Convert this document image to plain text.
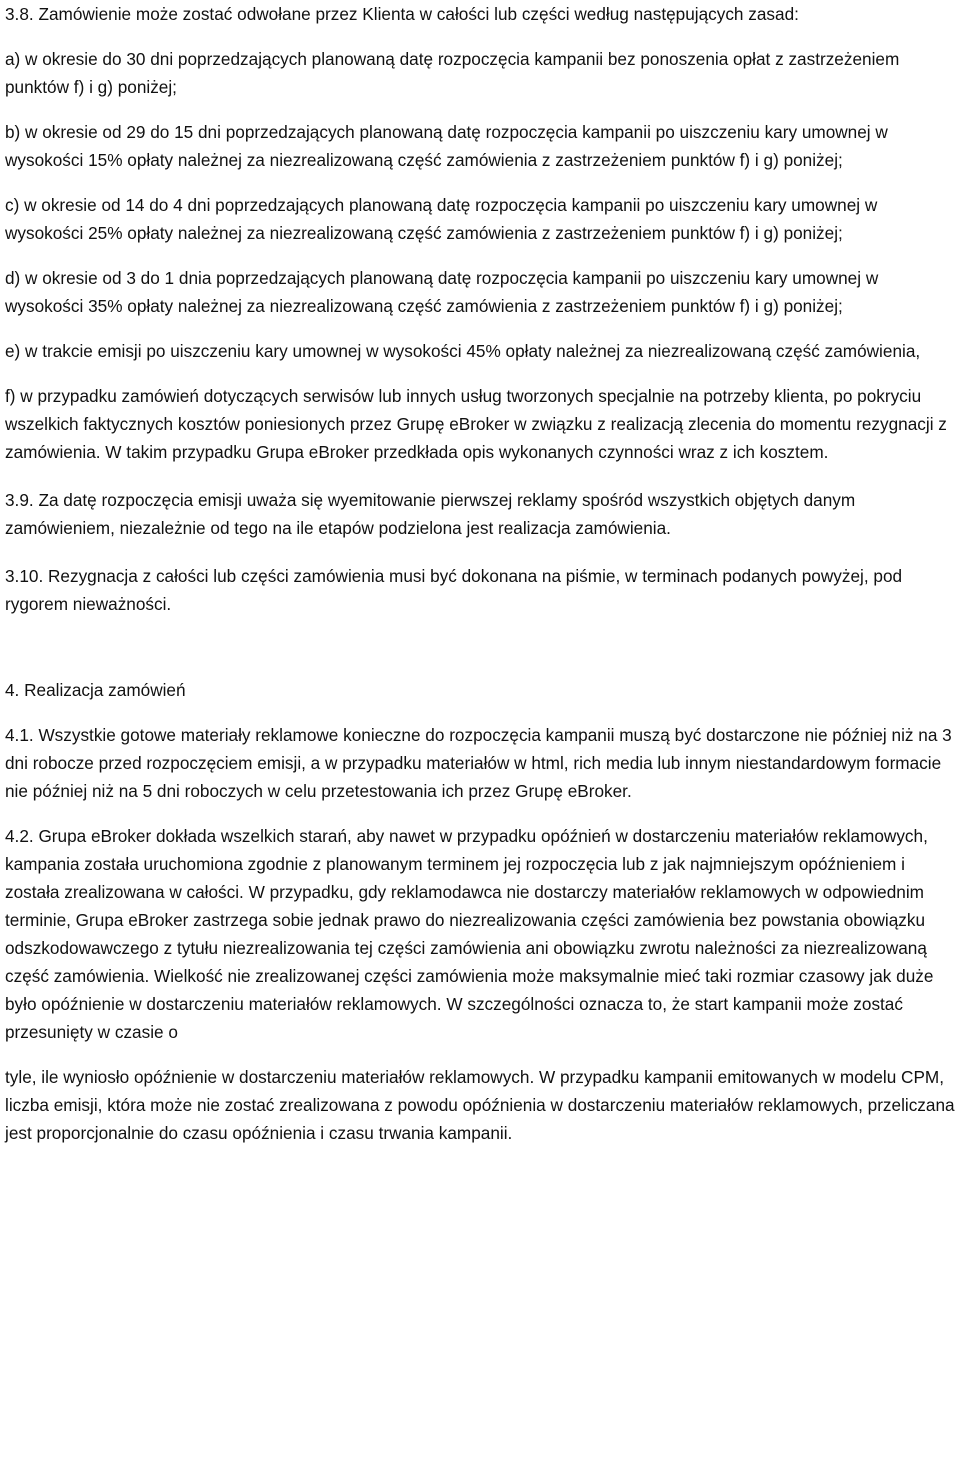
3.8. Zamówienie może zostać odwołane przez Klienta w całości lub części według następujących zasad:

a) w okresie do 30 dni poprzedzających planowaną datę rozpoczęcia kampanii bez ponoszenia opłat z zastrzeżeniem punktów f) i g) poniżej;

b) w okresie od 29 do 15 dni poprzedzających planowaną datę rozpoczęcia kampanii po uiszczeniu kary umownej w wysokości 15% opłaty należnej za niezrealizowaną część zamówienia z zastrzeżeniem punktów f) i g) poniżej;

c) w okresie od 14 do 4 dni poprzedzających planowaną datę rozpoczęcia kampanii po uiszczeniu kary umownej w wysokości 25% opłaty należnej za niezrealizowaną część zamówienia z zastrzeżeniem punktów f) i g) poniżej;

d) w okresie od 3 do 1 dnia poprzedzających planowaną datę rozpoczęcia kampanii po uiszczeniu kary umownej w wysokości 35% opłaty należnej za niezrealizowaną część zamówienia z zastrzeżeniem punktów f) i g) poniżej;

e) w trakcie emisji po uiszczeniu kary umownej w wysokości 45% opłaty należnej za niezrealizowaną część zamówienia,

f) w przypadku zamówień dotyczących serwisów lub innych usług tworzonych specjalnie na potrzeby klienta, po pokryciu wszelkich faktycznych kosztów poniesionych przez Grupę eBroker w związku z realizacją zlecenia do momentu rezygnacji z zamówienia. W takim przypadku Grupa eBroker przedkłada opis wykonanych czynności wraz z ich kosztem.

3.9. Za datę rozpoczęcia emisji uważa się wyemitowanie pierwszej reklamy spośród wszystkich objętych danym zamówieniem, niezależnie od tego na ile etapów podzielona jest realizacja zamówienia.

3.10. Rezygnacja z całości lub części zamówienia musi być dokonana na piśmie, w terminach podanych powyżej, pod rygorem nieważności.

4. Realizacja zamówień

4.1. Wszystkie gotowe materiały reklamowe konieczne do rozpoczęcia kampanii muszą być dostarczone nie później niż na 3 dni robocze przed rozpoczęciem emisji, a w przypadku materiałów w html, rich media lub innym niestandardowym formacie nie później niż na 5 dni roboczych w celu przetestowania ich przez Grupę eBroker.

4.2. Grupa eBroker dokłada wszelkich starań, aby nawet w przypadku opóźnień w dostarczeniu materiałów reklamowych, kampania została uruchomiona zgodnie z planowanym terminem jej rozpoczęcia lub z jak najmniejszym opóźnieniem i została zrealizowana w całości. W przypadku, gdy reklamodawca nie dostarczy materiałów reklamowych w odpowiednim terminie, Grupa eBroker zastrzega sobie jednak prawo do niezrealizowania części zamówienia bez powstania obowiązku odszkodowawczego z tytułu niezrealizowania tej części zamówienia ani obowiązku zwrotu należności za niezrealizowaną część zamówienia. Wielkość nie zrealizowanej części zamówienia może maksymalnie mieć taki rozmiar czasowy jak duże było opóźnienie w dostarczeniu materiałów reklamowych. W szczególności oznacza to, że start kampanii może zostać przesunięty w czasie o

tyle, ile wyniosło opóźnienie w dostarczeniu materiałów reklamowych. W przypadku kampanii emitowanych w modelu CPM, liczba emisji, która może nie zostać zrealizowana z powodu opóźnienia w dostarczeniu materiałów reklamowych, przeliczana jest proporcjonalnie do czasu opóźnienia i czasu trwania kampanii.
